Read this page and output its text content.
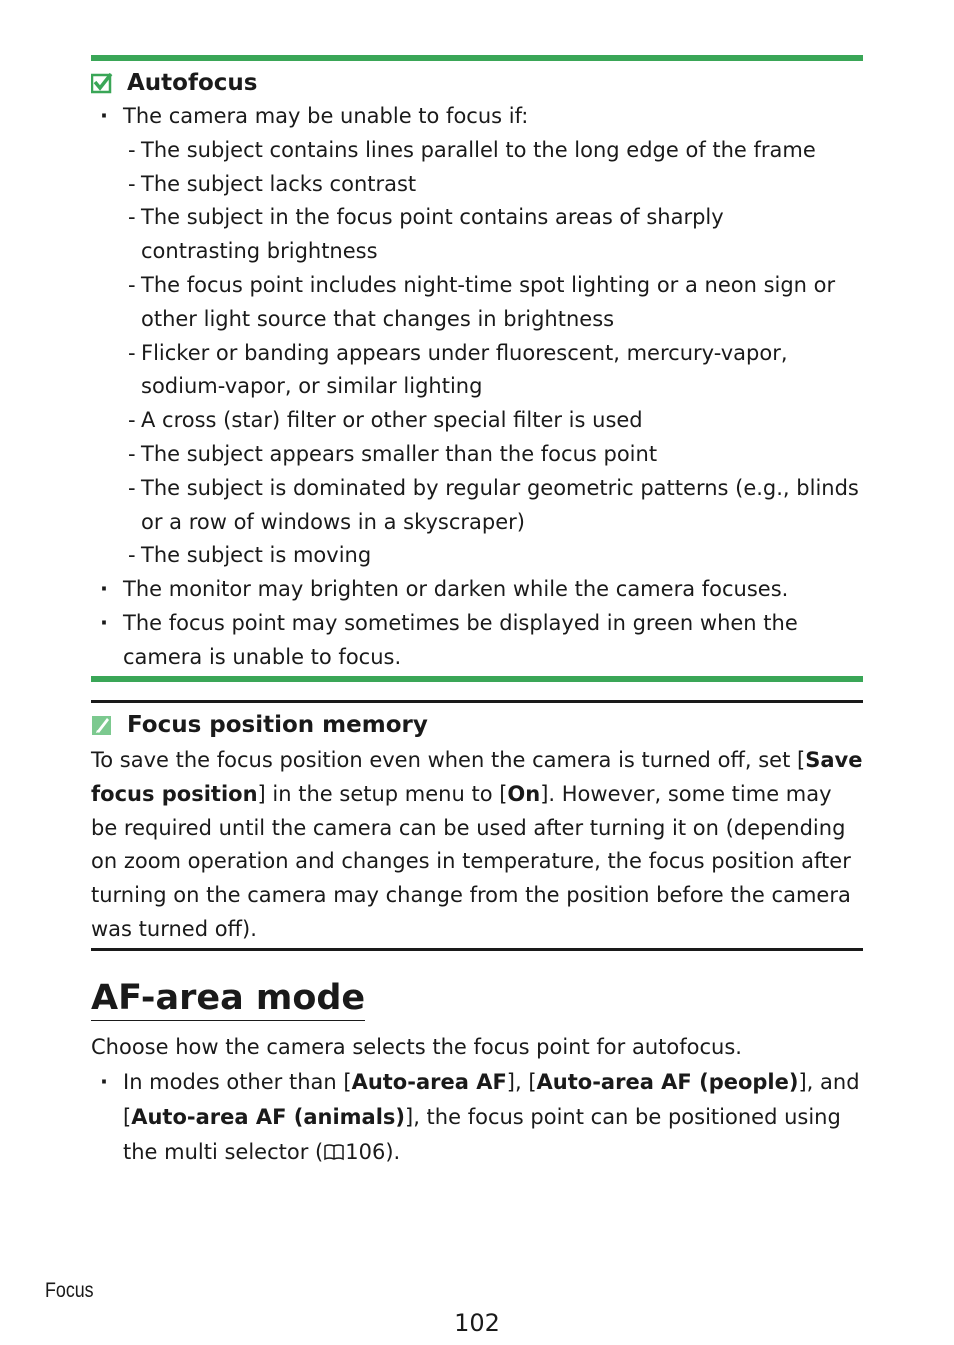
Autofocus
· The camera may be unable to focus if:
- The subject contains lines parallel to the long edge of the frame
- The subject lacks contrast
- The subject in the focus point contains areas of sharply contrasting brightness
- The focus point includes night-time spot lighting or a neon sign or other light source that changes in brightness
- Flicker or banding appears under fluorescent, mercury-vapor, sodium-vapor, or similar lighting
- A cross (star) filter or other special filter is used
- The subject appears smaller than the focus point
- The subject is dominated by regular geometric patterns (e.g., blinds or a row of windows in a skyscraper)
- The subject is moving
· The monitor may brighten or darken while the camera focuses.
· The focus point may sometimes be displayed in green when the camera is unable to focus.
Focus position memory

To save the focus position even when the camera is turned off, set [Save focus position] in the setup menu to [On]. However, some time may be required until the camera can be used after turning it on (depending on zoom operation and changes in temperature, the focus position after turning on the camera may change from the position before the camera was turned off).

AF-area mode

Choose how the camera selects the focus point for autofocus.

· In modes other than [Auto-area AF], [Auto-area AF (people)], and [Auto-area AF (animals)], the focus point can be positioned using the multi selector ( 106).
Focus
102
